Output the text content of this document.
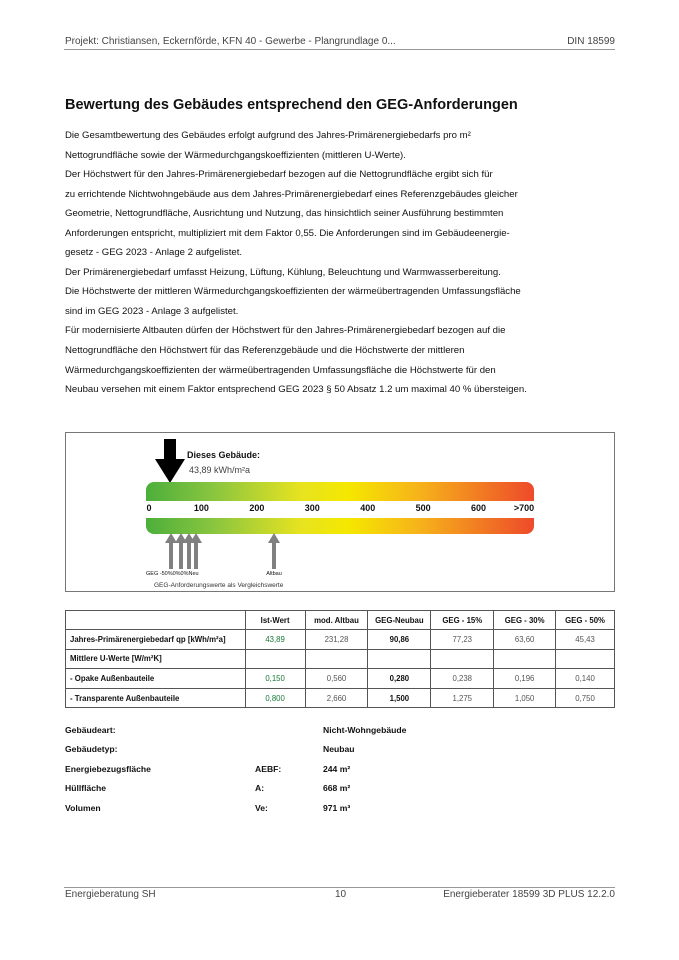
Projekt: Christiansen, Eckernförde, KFN 40 - Gewerbe - Plangrundlage 0...	DIN 18599
Bewertung des Gebäudes entsprechend den GEG-Anforderungen
Die Gesamtbewertung des Gebäudes erfolgt aufgrund des Jahres-Primärenergiebedarfs pro m²
Nettogrundfläche sowie der Wärmedurchgangskoeffizienten (mittleren U-Werte).
Der Höchstwert für den Jahres-Primärenergiebedarf bezogen auf die Nettogrundfläche ergibt sich für
zu errichtende Nichtwohngebäude aus dem Jahres-Primärenergiebedarf eines Referenzgebäudes gleicher
Geometrie, Nettogrundfläche, Ausrichtung und Nutzung, das hinsichtlich seiner Ausführung bestimmten
Anforderungen entspricht, multipliziert mit dem Faktor 0,55. Die Anforderungen sind im Gebäudeenergie-
gesetz - GEG 2023 - Anlage 2 aufgelistet.
Der Primärenergiebedarf umfasst Heizung, Lüftung, Kühlung, Beleuchtung und Warmwasserbereitung.
Die Höchstwerte der mittleren Wärmedurchgangskoeffizienten der wärmeübertragenden Umfassungsfläche
sind im GEG 2023 - Anlage 3 aufgelistet.
Für modernisierte Altbauten dürfen der Höchstwert für den Jahres-Primärenergiebedarf bezogen auf die
Nettogrundfläche den Höchstwert für das Referenzgebäude und die Höchstwerte der mittleren
Wärmedurchgangskoeffizienten der wärmeübertragenden Umfassungsfläche die Höchstwerte für den
Neubau versehen mit einem Faktor entsprechend GEG 2023 § 50 Absatz 1.2 um maximal 40 % übersteigen.
Dieses Gebäude:
43,89 kWh/m²a
0	100	200	300	400	500	600	>700
GEG -50%0%0%Neu	Altbau
GEG-Anforderungswerte als Vergleichswerte
	Ist-Wert	mod. Altbau	GEG-Neubau	GEG - 15%	GEG - 30%	GEG - 50%
Jahres-Primärenergiebedarf qp [kWh/m²a]	43,89	231,28	90,86	77,23	63,60	45,43
Mittlere U-Werte [W/m²K]						
- Opake Außenbauteile	0,150	0,560	0,280	0,238	0,196	0,140
- Transparente Außenbauteile	0,800	2,660	1,500	1,275	1,050	0,750
Gebäudeart:	Nicht-Wohngebäude
Gebäudetyp:	Neubau
Energiebezugsfläche	AEBF:	244 m²
Hüllfläche	A:	668 m²
Volumen	Ve:	971 m³
Energieberatung SH	10	Energieberater 18599 3D PLUS 12.2.0
